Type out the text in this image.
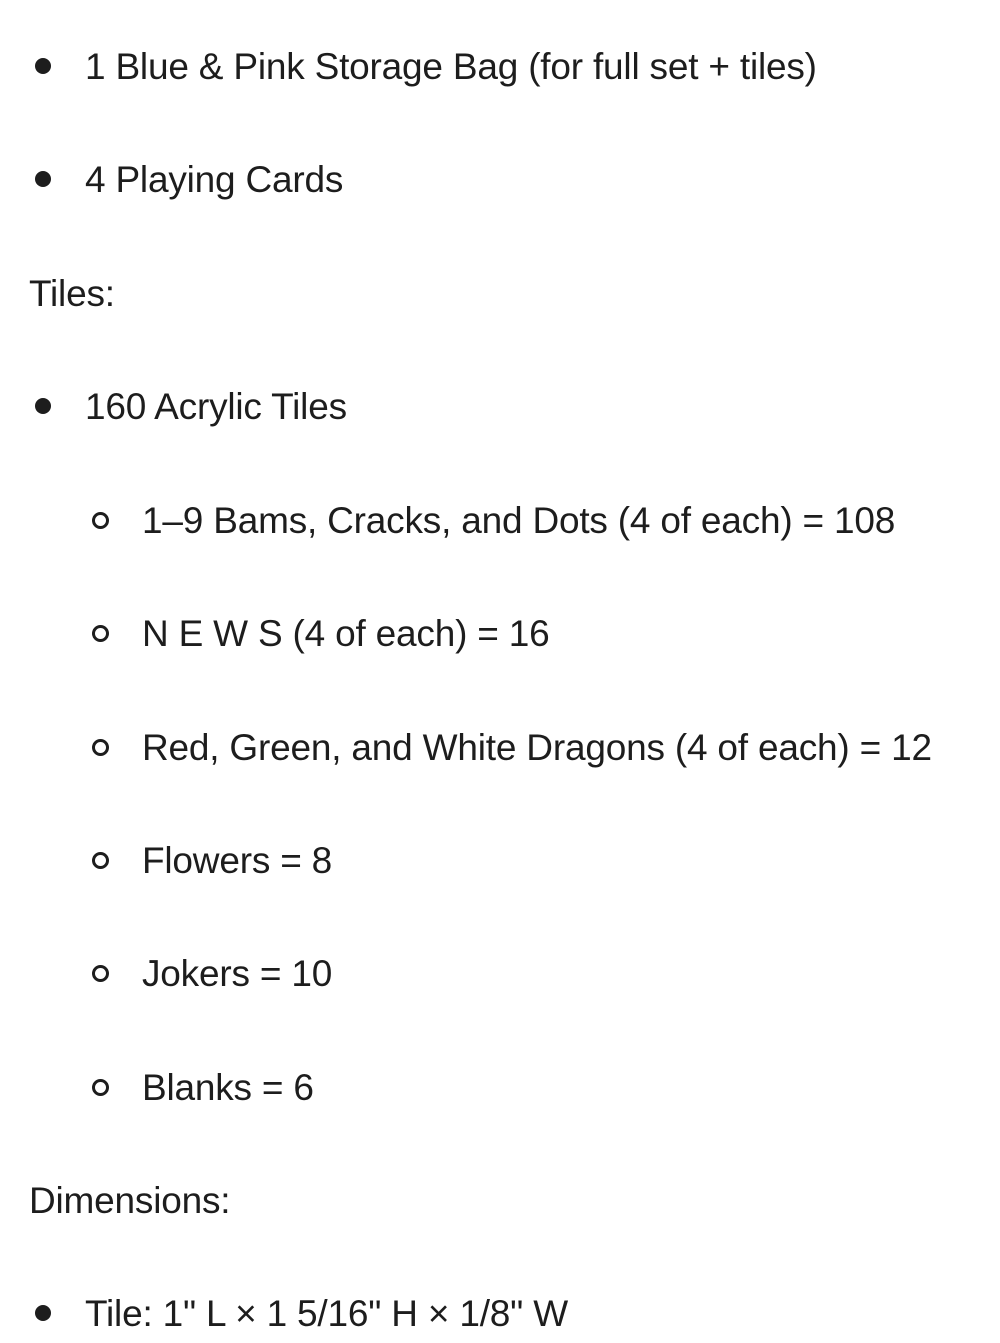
1 Blue & Pink Storage Bag (for full set + tiles)
4 Playing Cards
Tiles:
160 Acrylic Tiles
1–9 Bams, Cracks, and Dots (4 of each) = 108
N E W S (4 of each) = 16
Red, Green, and White Dragons (4 of each) = 12
Flowers = 8
Jokers = 10
Blanks = 6
Dimensions:
Tile: 1" L × 1 5/16" H × 1/8" W
